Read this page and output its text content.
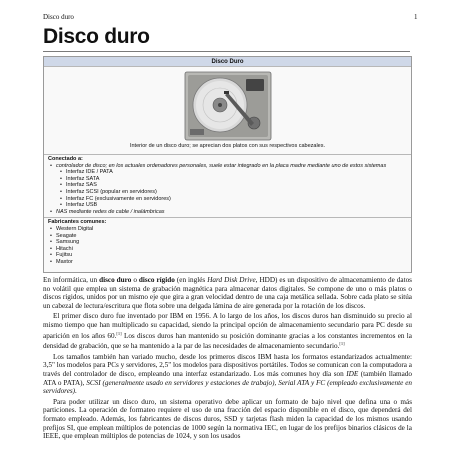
Disco duro	1
Disco duro
Disco Duro
Interior de un disco duro; se aprecian dos platos con sus respectivos cabezales.
Conectado a:
• controlador de disco; en los actuales ordenadores personales, suele estar integrado en la placa madre mediante uno de estos sistemas
• Interfaz IDE / PATA
• Interfaz SATA
• Interfaz SAS
• Interfaz SCSI (popular en servidores)
• Interfaz FC (exclusivamente en servidores)
• Interfaz USB
• NAS mediante redes de cable / inalámbricas
Fabricantes comunes:
• Western Digital
• Seagate
• Samsung
• Hitachi
• Fujitsu
• Maxtor

En informática, un disco duro o disco rígido (en inglés Hard Disk Drive, HDD) es un dispositivo de almacenamiento de datos no volátil que emplea un sistema de grabación magnética para almacenar datos digitales. Se compone de uno o más platos o discos rígidos, unidos por un mismo eje que gira a gran velocidad dentro de una caja metálica sellada. Sobre cada plato se sitúa un cabezal de lectura/escritura que flota sobre una delgada lámina de aire generada por la rotación de los discos.

El primer disco duro fue inventado por IBM en 1956. A lo largo de los años, los discos duros han disminuido su precio al mismo tiempo que han multiplicado su capacidad, siendo la principal opción de almacenamiento secundario para PC desde su aparición en los años 60.[1] Los discos duros han mantenido su posición dominante gracias a los constantes incrementos en la densidad de grabación, que se ha mantenido a la par de las necesidades de almacenamiento secundario.[1]

Los tamaños también han variado mucho, desde los primeros discos IBM hasta los formatos estandarizados actualmente: 3,5" los modelos para PCs y servidores, 2,5" los modelos para dispositivos portátiles. Todos se comunican con la computadora a través del controlador de disco, empleando una interfaz estandarizado. Los más comunes hoy día son IDE (también llamado ATA o PATA), SCSI (generalmente usado en servidores y estaciones de trabajo), Serial ATA y FC (empleado exclusivamente en servidores).

Para poder utilizar un disco duro, un sistema operativo debe aplicar un formato de bajo nivel que defina una o más particiones. La operación de formateo requiere el uso de una fracción del espacio disponible en el disco, que dependerá del formato empleado. Además, los fabricantes de discos duros, SSD y tarjetas flash miden la capacidad de los mismos usando prefijos SI, que emplean múltiplos de potencias de 1000 según la normativa IEC, en lugar de los prefijos binarios clásicos de la IEEE, que emplean múltiplos de potencias de 1024, y son los usados
